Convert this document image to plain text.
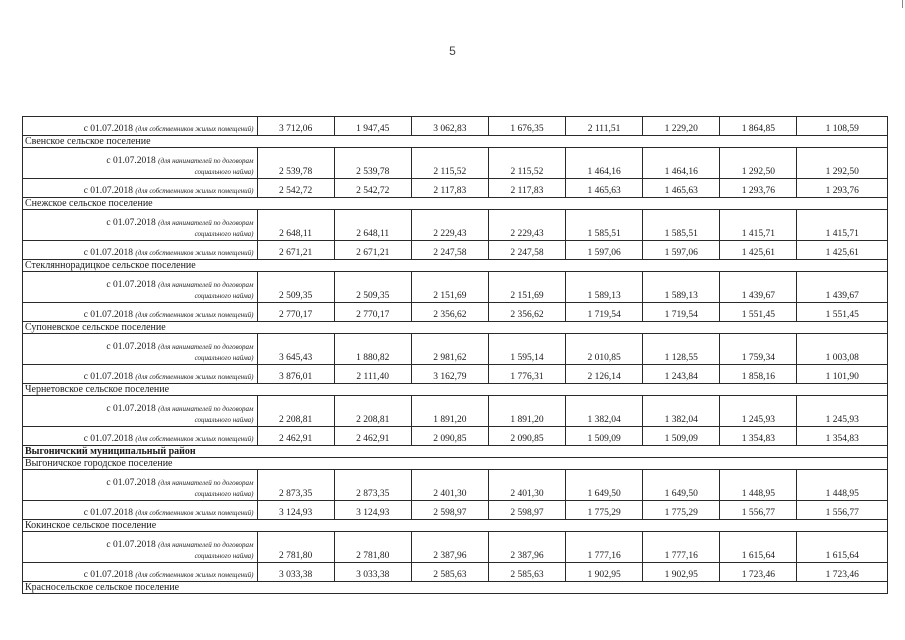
5
с 01.07.2018 (для собственников жилых помещений)	3 712,06	1 947,45	3 062,83	1 676,35	2 111,51	1 229,20	1 864,85	1 108,59
Свенское сельское поселение								
с 01.07.2018 (для нанимателей по договорам
социального найма)	2 539,78	2 539,78	2 115,52	2 115,52	1 464,16	1 464,16	1 292,50	1 292,50
с 01.07.2018 (для собственников жилых помещений)	2 542,72	2 542,72	2 117,83	2 117,83	1 465,63	1 465,63	1 293,76	1 293,76
Снежское сельское поселение								
с 01.07.2018 (для нанимателей по договорам
социального найма)	2 648,11	2 648,11	2 229,43	2 229,43	1 585,51	1 585,51	1 415,71	1 415,71
с 01.07.2018 (для собственников жилых помещений)	2 671,21	2 671,21	2 247,58	2 247,58	1 597,06	1 597,06	1 425,61	1 425,61
Стекляннорадицкое сельское поселение								
с 01.07.2018 (для нанимателей по договорам
социального найма)	2 509,35	2 509,35	2 151,69	2 151,69	1 589,13	1 589,13	1 439,67	1 439,67
с 01.07.2018 (для собственников жилых помещений)	2 770,17	2 770,17	2 356,62	2 356,62	1 719,54	1 719,54	1 551,45	1 551,45
Супоневское сельское поселение								
с 01.07.2018 (для нанимателей по договорам
социального найма)	3 645,43	1 880,82	2 981,62	1 595,14	2 010,85	1 128,55	1 759,34	1 003,08
с 01.07.2018 (для собственников жилых помещений)	3 876,01	2 111,40	3 162,79	1 776,31	2 126,14	1 243,84	1 858,16	1 101,90
Чернетовское сельское поселение								
с 01.07.2018 (для нанимателей по договорам
социального найма)	2 208,81	2 208,81	1 891,20	1 891,20	1 382,04	1 382,04	1 245,93	1 245,93
с 01.07.2018 (для собственников жилых помещений)	2 462,91	2 462,91	2 090,85	2 090,85	1 509,09	1 509,09	1 354,83	1 354,83
Выгоничский муниципальный район								
Выгоничское городское поселение								
с 01.07.2018 (для нанимателей по договорам
социального найма)	2 873,35	2 873,35	2 401,30	2 401,30	1 649,50	1 649,50	1 448,95	1 448,95
с 01.07.2018 (для собственников жилых помещений)	3 124,93	3 124,93	2 598,97	2 598,97	1 775,29	1 775,29	1 556,77	1 556,77
Кокинское сельское поселение								
с 01.07.2018 (для нанимателей по договорам
социального найма)	2 781,80	2 781,80	2 387,96	2 387,96	1 777,16	1 777,16	1 615,64	1 615,64
с 01.07.2018 (для собственников жилых помещений)	3 033,38	3 033,38	2 585,63	2 585,63	1 902,95	1 902,95	1 723,46	1 723,46
Красносельское сельское поселение								
